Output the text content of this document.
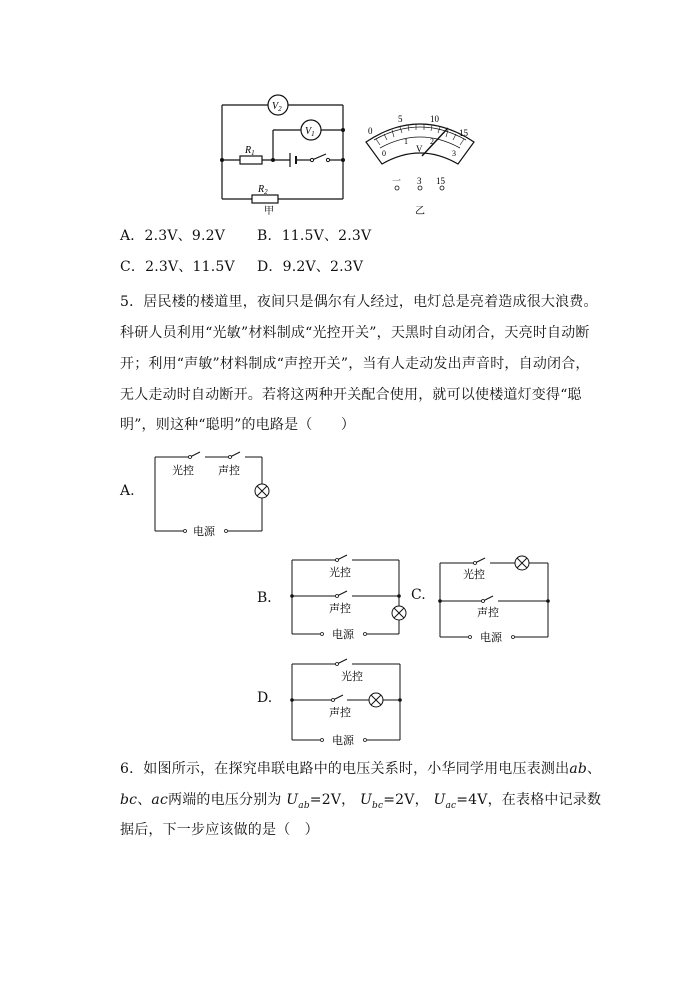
$V_2$
$V_1$
$R_1$
$R_2$
甲
0
5	10
15
0
1	2
3
V
一 3 15
乙
A．2.3V、9.2V B．11.5V、2.3V
C．2.3V、11.5V D．9.2V、2.3V
5．居民楼的楼道里，夜间只是偶尔有人经过，电灯总是亮着造成很大浪费。
科研人员利用“光敏”材料制成“光控开关”，天黑时自动闭合，天亮时自动断
开；利用“声敏”材料制成“声控开关”，当有人走动发出声音时，自动闭合，
无人走动时自动断开。若将这两种开关配合使用，就可以使楼道灯变得“聪
明”，则这种“聪明”的电路是（　　）
A.
光控 声控
电源
B．
光控
声控
电源
C.
光控
声控
电源
D.
光控
声控
电源
6．如图所示，在探究串联电路中的电压关系时，小华同学用电压表测出ab、
bc、ac两端的电压分别为 $U_{ab}=2V$， $U_{bc}=2V$， $U_{ac}=4V$，在表格中记录数
据后，下一步应该做的是（　）
